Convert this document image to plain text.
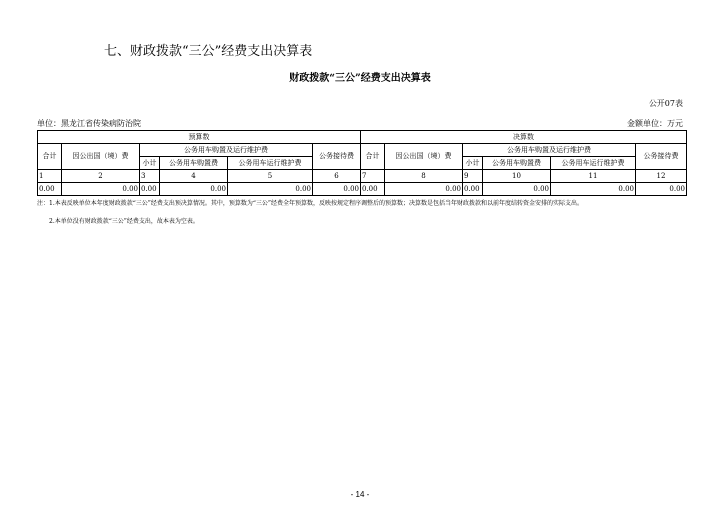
七、财政拨款“三公”经费支出决算表
财政拨款“三公”经费支出决算表
公开07表
单位：黑龙江省传染病防治院	金额单位：万元
预算数						决算数					
合计	因公出国（境）费	公务用车购置及运行维护费			公务接待费	合计	因公出国（境）费	公务用车购置及运行维护费			公务接待费
		小计	公务用车购置费	公务用车运行维护费				小计	公务用车购置费	公务用车运行维护费	
1	2	3	4	5	6	7	8	9	10	11	12
0.00	0.00	0.00	0.00	0.00	0.00	0.00	0.00	0.00	0.00	0.00	0.00
注：1.本表反映单位本年度财政拨款“三公”经费支出预决算情况。其中，预算数为“三公”经费全年预算数，反映按规定程序调整后的预算数；决算数是包括当年财政拨款和以前年度结转资金安排的实际支出。
2.本单位没有财政拨款“三公”经费支出，故本表为空表。
- 14 -
